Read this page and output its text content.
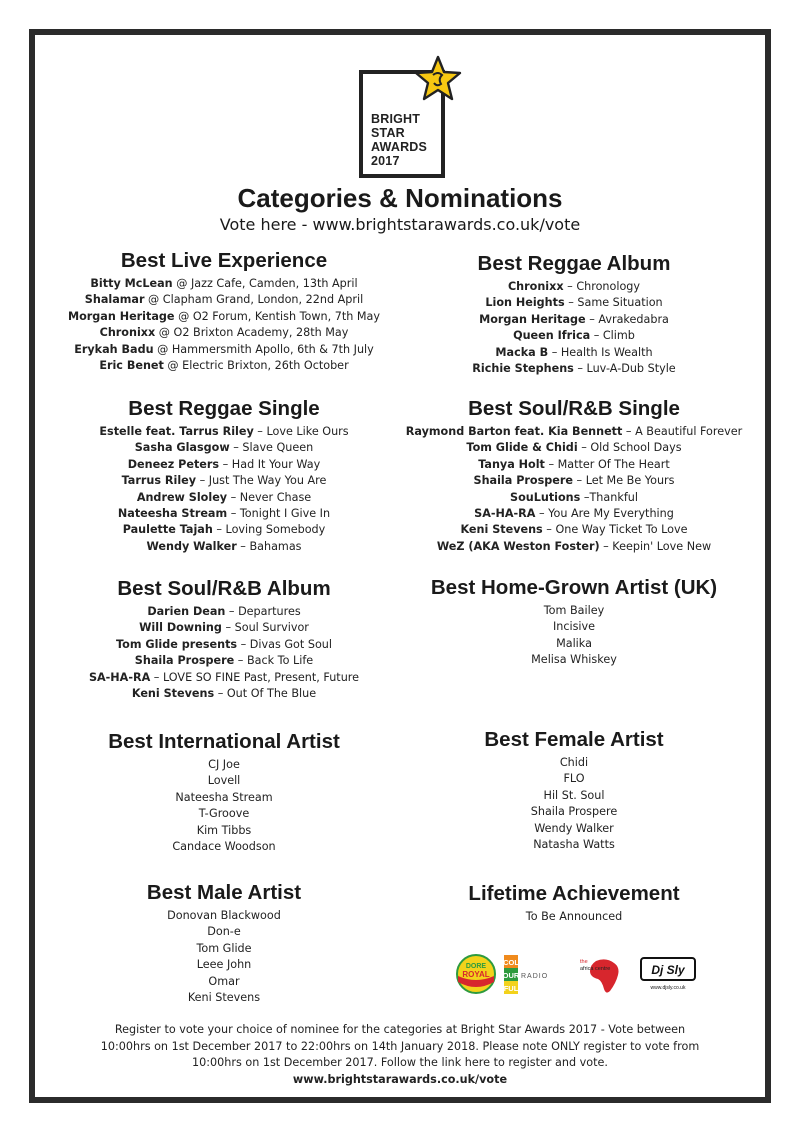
BRIGHT
STAR
AWARDS
2017
Categories & Nominations
Vote here - www.brightstarawards.co.uk/vote
Best Live Experience
Bitty McLean @ Jazz Cafe, Camden, 13th April
Shalamar @ Clapham Grand, London, 22nd April
Morgan Heritage @ O2 Forum, Kentish Town, 7th May
Chronixx @ O2 Brixton Academy, 28th May
Erykah Badu @ Hammersmith Apollo, 6th & 7th July
Eric Benet @ Electric Brixton, 26th October
Best Reggae Single
Estelle feat. Tarrus Riley – Love Like Ours
Sasha Glasgow – Slave Queen
Deneez Peters – Had It Your Way
Tarrus Riley – Just The Way You Are
Andrew Sloley – Never Chase
Nateesha Stream – Tonight I Give In
Paulette Tajah – Loving Somebody
Wendy Walker – Bahamas
Best Soul/R&B Album
Darien Dean – Departures
Will Downing – Soul Survivor
Tom Glide presents – Divas Got Soul
Shaila Prospere – Back To Life
SA-HA-RA – LOVE SO FINE Past, Present, Future
Keni Stevens – Out Of The Blue
Best International Artist
CJ Joe
Lovell
Nateesha Stream
T-Groove
Kim Tibbs
Candace Woodson
Best Male Artist
Donovan Blackwood
Don-e
Tom Glide
Leee John
Omar
Keni Stevens
Best Reggae Album
Chronixx – Chronology
Lion Heights – Same Situation
Morgan Heritage – Avrakedabra
Queen Ifrica – Climb
Macka B – Health Is Wealth
Richie Stephens – Luv-A-Dub Style
Best Soul/R&B Single
Raymond Barton feat. Kia Bennett – A Beautiful Forever
Tom Glide & Chidi – Old School Days
Tanya Holt – Matter Of The Heart
Shaila Prospere – Let Me Be Yours
SouLutions –Thankful
SA-HA-RA – You Are My Everything
Keni Stevens – One Way Ticket To Love
WeZ (AKA Weston Foster) – Keepin' Love New
Best Home-Grown Artist (UK)
Tom Bailey
Incisive
Malika
Melisa Whiskey
Best Female Artist
Chidi
FLO
Hil St. Soul
Shaila Prospere
Wendy Walker
Natasha Watts
Lifetime Achievement
To Be Announced
DORE
ROYAL
COL
OUR
FUL
RADIO
the
africa centre	Dj Sly
www.djsly.co.uk
Register to vote your choice of nominee for the categories at Bright Star Awards 2017 - Vote between 10:00hrs on 1st December 2017 to 22:00hrs on 14th January 2018. Please note ONLY register to vote from 10:00hrs on 1st December 2017. Follow the link here to register and vote. www.brightstarawards.co.uk/vote
